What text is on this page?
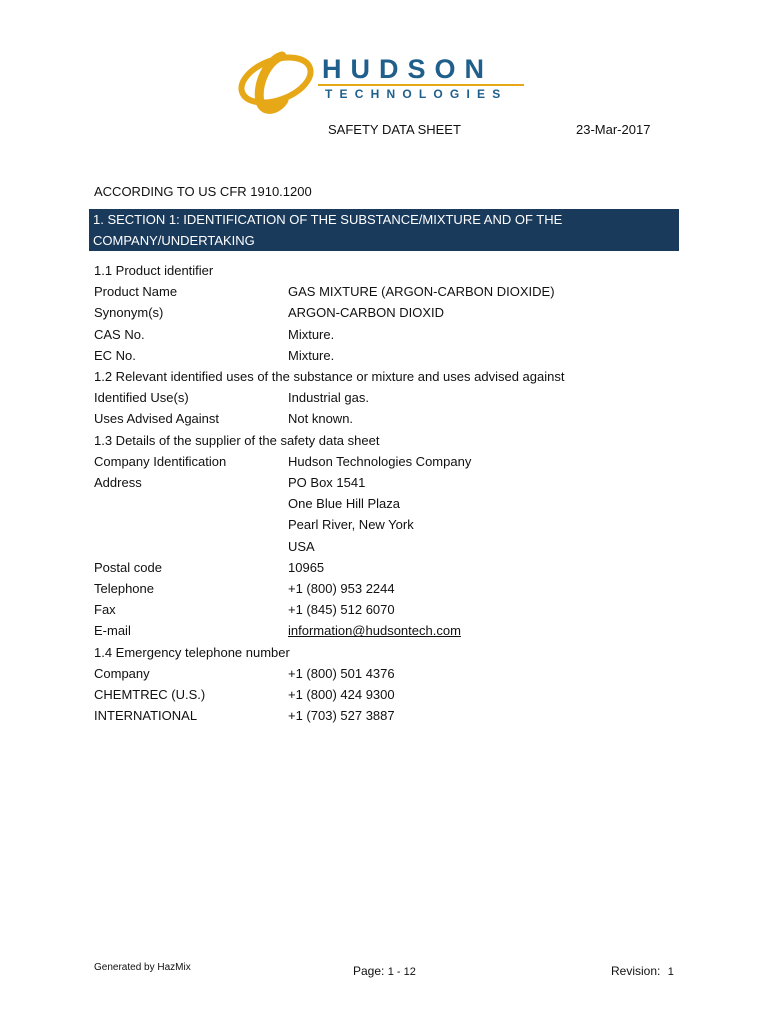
HUDSON
TECHNOLOGIES
SAFETY DATA SHEET	23-Mar-2017
ACCORDING TO US CFR 1910.1200
1. SECTION 1: IDENTIFICATION OF THE SUBSTANCE/MIXTURE AND OF THE
COMPANY/UNDERTAKING
1.1 Product identifier
Product Name	GAS MIXTURE (ARGON-CARBON DIOXIDE)
Synonym(s)	ARGON-CARBON DIOXID
CAS No.	Mixture.
EC No.	Mixture.
1.2 Relevant identified uses of the substance or mixture and uses advised against
Identified Use(s)	Industrial gas.
Uses Advised Against	Not known.
1.3 Details of the supplier of the safety data sheet
Company Identification	Hudson Technologies Company
Address	PO Box 1541
One Blue Hill Plaza
Pearl River, New York
USA
Postal code	10965
Telephone	+1 (800) 953 2244
Fax	+1 (845) 512 6070
E-mail	information@hudsontech.com
1.4 Emergency telephone number
Company	+1 (800) 501 4376
CHEMTREC (U.S.)	+1 (800) 424 9300
INTERNATIONAL	+1 (703) 527 3887
Generated by HazMix	Page: 1 - 12	Revision: 1
